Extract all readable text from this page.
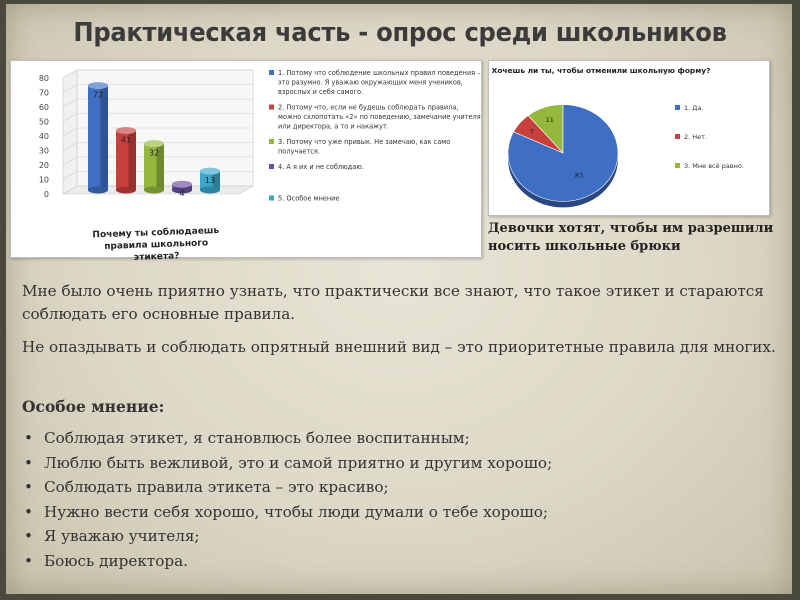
Практическая часть - опрос среди школьников
0
10
20
30
40
50
60
70
80
72
41
32
4
13
Почему ты соблюдаешьправила школьногоэтикета?
1. Потому что соблюдение школьных правил поведения – это разумно. Я уважаю окружающих меня учеников, взрослых и себя самого.
2. Потому что, если не будешь соблюдать правила, можно схлопотать «2» по поведению, замечание учителя или директора, а то и накажут.
3. Потому что уже привык. Не замечаю, как само получается.
4. А я их и не соблюдаю.
5. Особое мнение
Хочешь ли ты, чтобы отменили школьную форму?
7
11
83
1. Да.
2. Нет.
3. Мне всё равно.
Девочки хотят, чтобы им разрешили носить школьные брюки
Мне было очень приятно узнать, что практически все знают, что такое этикет и стараются соблюдать его основные правила.
Не опаздывать и соблюдать опрятный внешний вид – это приоритетные правила для многих.
Особое мнение:
• Соблюдая этикет, я становлюсь более воспитанным;
• Люблю быть вежливой, это и самой приятно и другим хорошо;
• Соблюдать правила этикета – это красиво;
• Нужно вести себя хорошо, чтобы люди думали о тебе хорошо;
• Я уважаю учителя;
• Боюсь директора.
